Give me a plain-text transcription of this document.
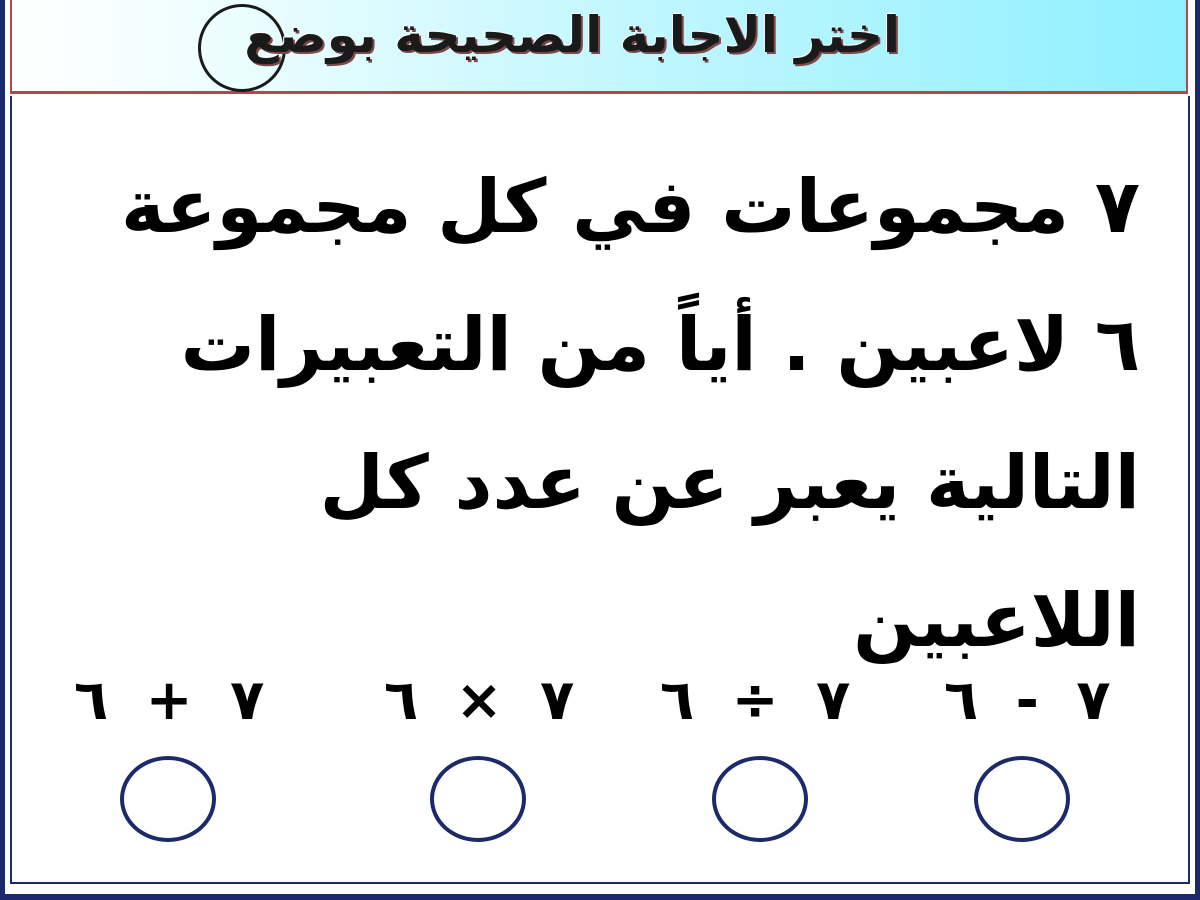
اختر الاجابة الصحيحة بوضع
٧ مجموعات في كل مجموعة
٦ لاعبين . أياً من التعبيرات
التالية يعبر عن عدد كل
اللاعبين
٧ - ٦
٧ ÷ ٦
٧ × ٦
٧ + ٦
